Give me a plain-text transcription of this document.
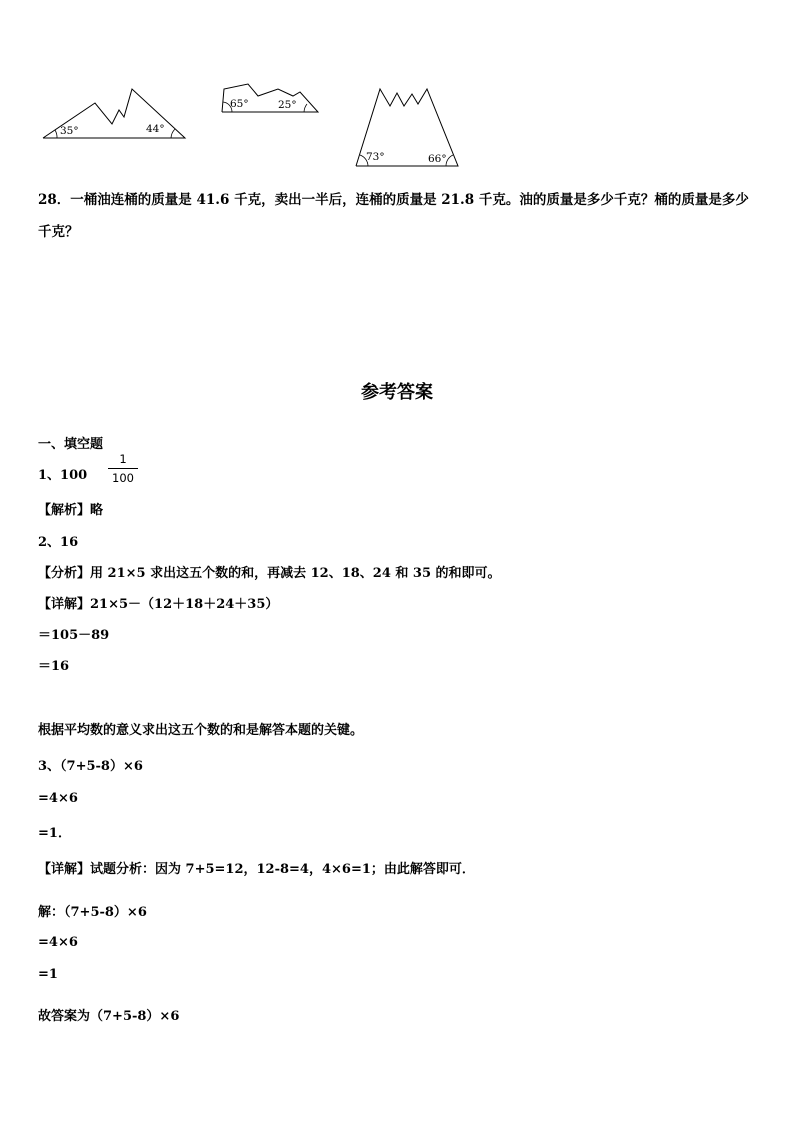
35°	44°
65°	25°
73°	66°
28．一桶油连桶的质量是 41.6 千克，卖出一半后，连桶的质量是 21.8 千克。油的质量是多少千克？桶的质量是多少千克？
参考答案
一、填空题
1、100
1
100
【解析】略
2、16
【分析】用 21×5 求出这五个数的和，再减去 12、18、24 和 35 的和即可。
【详解】21×5－（12＋18＋24＋35）
＝105－89
＝16
根据平均数的意义求出这五个数的和是解答本题的关键。
3、（7+5-8）×6
=4×6
=1．
【详解】试题分析：因为 7+5=12，12-8=4，4×6=1；由此解答即可．
解：（7+5-8）×6
=4×6
=1
故答案为（7+5-8）×6
